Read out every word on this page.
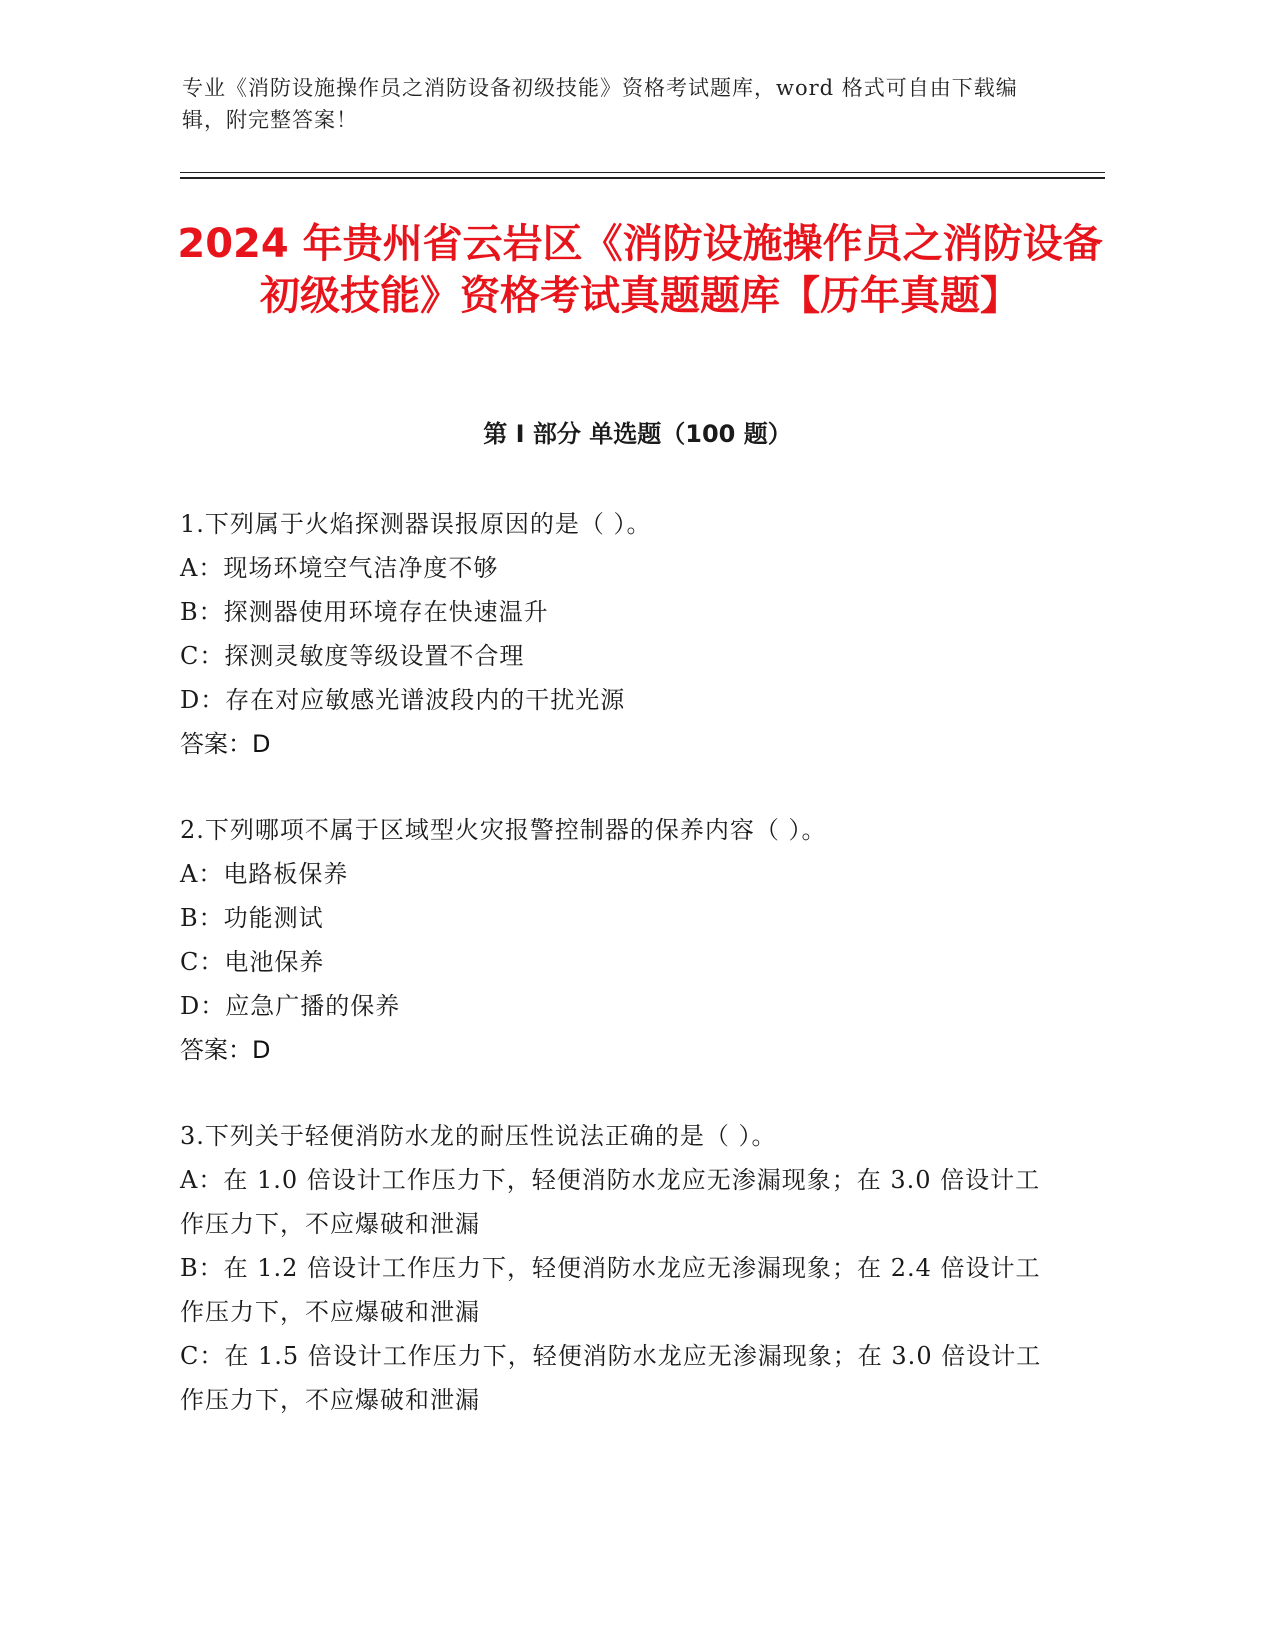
专业《消防设施操作员之消防设备初级技能》资格考试题库，word 格式可自由下载编辑，附完整答案！
2024 年贵州省云岩区《消防设施操作员之消防设备初级技能》资格考试真题题库【历年真题】
第 I 部分 单选题（100 题）
1.下列属于火焰探测器误报原因的是（ ）。
A：现场环境空气洁净度不够
B：探测器使用环境存在快速温升
C：探测灵敏度等级设置不合理
D：存在对应敏感光谱波段内的干扰光源
答案：D
2.下列哪项不属于区域型火灾报警控制器的保养内容（ ）。
A：电路板保养
B：功能测试
C：电池保养
D：应急广播的保养
答案：D
3.下列关于轻便消防水龙的耐压性说法正确的是（ ）。
A：在 1.0 倍设计工作压力下，轻便消防水龙应无渗漏现象；在 3.0 倍设计工作压力下，不应爆破和泄漏
B：在 1.2 倍设计工作压力下，轻便消防水龙应无渗漏现象；在 2.4 倍设计工作压力下，不应爆破和泄漏
C：在 1.5 倍设计工作压力下，轻便消防水龙应无渗漏现象；在 3.0 倍设计工作压力下，不应爆破和泄漏
